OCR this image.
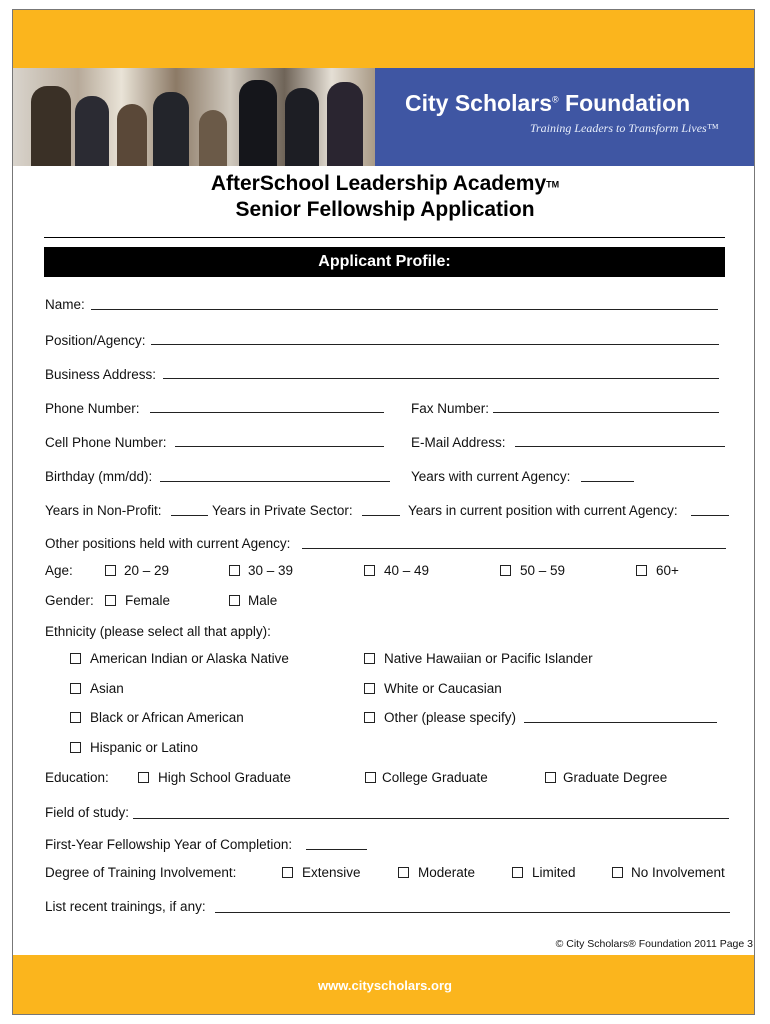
City Scholars® Foundation
Training Leaders to Transform Lives™
AfterSchool Leadership AcademyTM
Senior Fellowship Application
Applicant Profile:
Name:
Position/Agency:
Business Address:
Phone Number:	Fax Number:
Cell Phone Number:	E-Mail Address:
Birthday (mm/dd):	Years with current Agency:
Years in Non-Profit:	Years in Private Sector:	Years in current position with current Agency:
Other positions held with current Agency:
Age:	20 – 29	30 – 39	40 – 49	50 – 59	60+
Gender: Female	Male
Ethnicity (please select all that apply):
American Indian or Alaska Native	Native Hawaiian or Pacific Islander
Asian	White or Caucasian
Black or African American	Other (please specify)
Hispanic or Latino
Education:	High School Graduate	College Graduate	Graduate Degree
Field of study:
First-Year Fellowship Year of Completion:
Degree of Training Involvement:	Extensive	Moderate	Limited	No Involvement
List recent trainings, if any:
© City Scholars® Foundation 2011 Page 3
www.cityscholars.org
